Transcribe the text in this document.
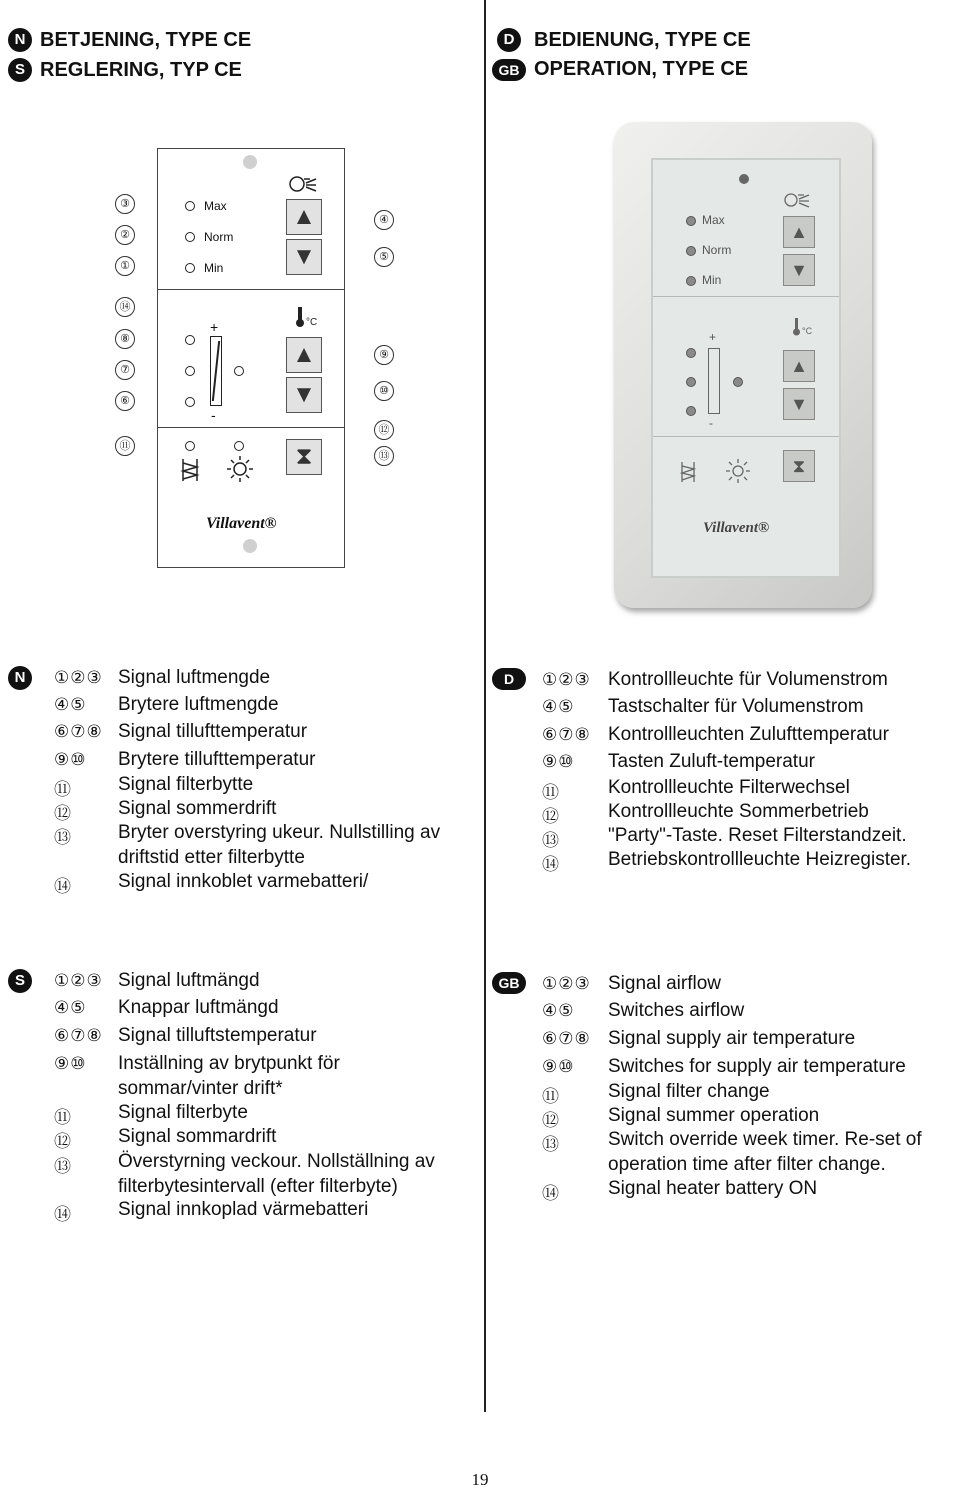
N BETJENING, TYPE CE
S REGLERING, TYP CE
D BEDIENUNG, TYPE CE
GB OPERATION, TYPE CE
③
②
①
④
⑤
⑭
⑧
⑦
⑥
⑨
⑩
⑪
⑫
⑬
Max
Norm
Min
▲
▼
+
-
°C
▲
▼
⧗
Villavent®
Max
Norm
Min
▲
▼
+
-
°C
▲
▼
⧗
Villavent®
N	①②③ Signal luftmengde
④⑤ Brytere luftmengde
⑥⑦⑧ Signal tillufttemperatur
⑨⑩ Brytere tillufttemperatur
⑪ Signal filterbytte
⑫ Signal sommerdrift
⑬ Bryter overstyring ukeur. Nullstilling av
driftstid etter filterbytte
⑭ Signal innkoblet varmebatteri/
D	①②③ Kontrollleuchte für Volumenstrom
④⑤ Tastschalter für Volumenstrom
⑥⑦⑧ Kontrollleuchten Zulufttemperatur
⑨⑩ Tasten Zuluft-temperatur
⑪	Kontrollleuchte Filterwechsel
⑫	Kontrollleuchte Sommerbetrieb
⑬	"Party"-Taste. Reset Filterstandzeit.
⑭	Betriebskontrollleuchte Heizregister.
S	①②③ Signal luftmängd
④⑤ Knappar luftmängd
⑥⑦⑧ Signal tilluftstemperatur
⑨⑩ Inställning av brytpunkt för
sommar/vinter drift*
⑪ Signal filterbyte
⑫ Signal sommardrift
⑬ Överstyrning veckour. Nollställning av
filterbytesintervall (efter filterbyte)
⑭ Signal innkoplad värmebatteri
GB	①②③ Signal airflow
④⑤ Switches airflow
⑥⑦⑧ Signal supply air temperature
⑨⑩ Switches for supply air temperature
⑪	Signal filter change
⑫	Signal summer operation
⑬	Switch override week timer. Re-set of
operation time after filter change.
⑭	Signal heater battery ON
19
